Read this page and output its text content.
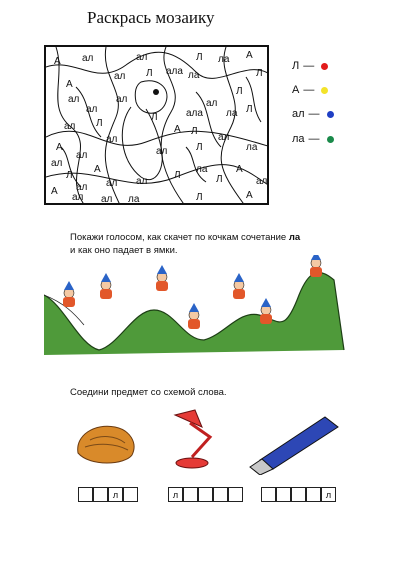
Раскрась мозаику
А ал	ал	Л ла А
ал Л ала ла	Л
А
ал	ал
Л
ал
Л	ала
ал
ла Л
ал Л
ал
А Л
ал
А
ал
ал	ал	Л	ла
А
Л
А ал ал ал
Л
ла
Л
А
ал
ал ал ла	Л	А
Л —
А —
ал —
ла —
Покажи голосом, как скачет по кочкам сочетание ла
и как оно падает в ямки.
Соедини предмет со схемой слова.
л	л	л
